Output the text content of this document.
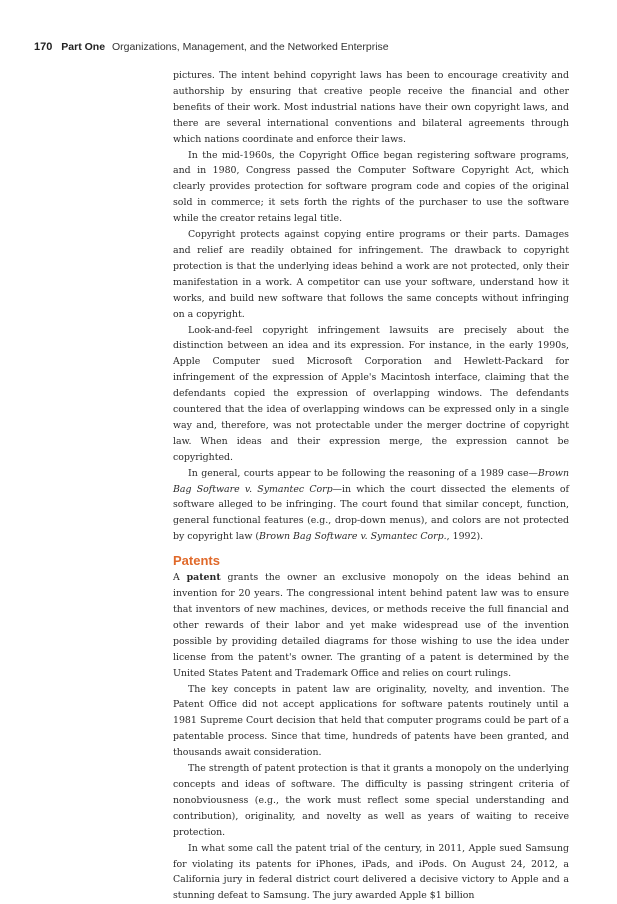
170 Part One Organizations, Management, and the Networked Enterprise

pictures. The intent behind copyright laws has been to encourage creativity and authorship by ensuring that creative people receive the financial and other benefits of their work. Most industrial nations have their own copyright laws, and there are several international conventions and bilateral agreements through which nations coordinate and enforce their laws.

In the mid-1960s, the Copyright Office began registering software programs, and in 1980, Congress passed the Computer Software Copyright Act, which clearly provides protection for software program code and copies of the original sold in commerce; it sets forth the rights of the purchaser to use the software while the creator retains legal title.

Copyright protects against copying entire programs or their parts. Damages and relief are readily obtained for infringement. The drawback to copyright protection is that the underlying ideas behind a work are not protected, only their manifestation in a work. A competitor can use your software, understand how it works, and build new software that follows the same concepts without infringing on a copyright.

Look-and-feel copyright infringement lawsuits are precisely about the distinction between an idea and its expression. For instance, in the early 1990s, Apple Computer sued Microsoft Corporation and Hewlett-Packard for infringement of the expression of Apple's Macintosh interface, claiming that the defendants copied the expression of overlapping windows. The defendants countered that the idea of overlapping windows can be expressed only in a single way and, therefore, was not protectable under the merger doctrine of copyright law. When ideas and their expression merge, the expression cannot be copyrighted.

In general, courts appear to be following the reasoning of a 1989 case—Brown Bag Software v. Symantec Corp—in which the court dissected the elements of software alleged to be infringing. The court found that similar concept, function, general functional features (e.g., drop-down menus), and colors are not protected by copyright law (Brown Bag Software v. Symantec Corp., 1992).

Patents

A patent grants the owner an exclusive monopoly on the ideas behind an invention for 20 years. The congressional intent behind patent law was to ensure that inventors of new machines, devices, or methods receive the full financial and other rewards of their labor and yet make widespread use of the invention possible by providing detailed diagrams for those wishing to use the idea under license from the patent's owner. The granting of a patent is determined by the United States Patent and Trademark Office and relies on court rulings.

The key concepts in patent law are originality, novelty, and invention. The Patent Office did not accept applications for software patents routinely until a 1981 Supreme Court decision that held that computer programs could be part of a patentable process. Since that time, hundreds of patents have been granted, and thousands await consideration.

The strength of patent protection is that it grants a monopoly on the underlying concepts and ideas of software. The difficulty is passing stringent criteria of nonobviousness (e.g., the work must reflect some special understanding and contribution), originality, and novelty as well as years of waiting to receive protection.

In what some call the patent trial of the century, in 2011, Apple sued Samsung for violating its patents for iPhones, iPads, and iPods. On August 24, 2012, a California jury in federal district court delivered a decisive victory to Apple and a stunning defeat to Samsung. The jury awarded Apple $1 billion
